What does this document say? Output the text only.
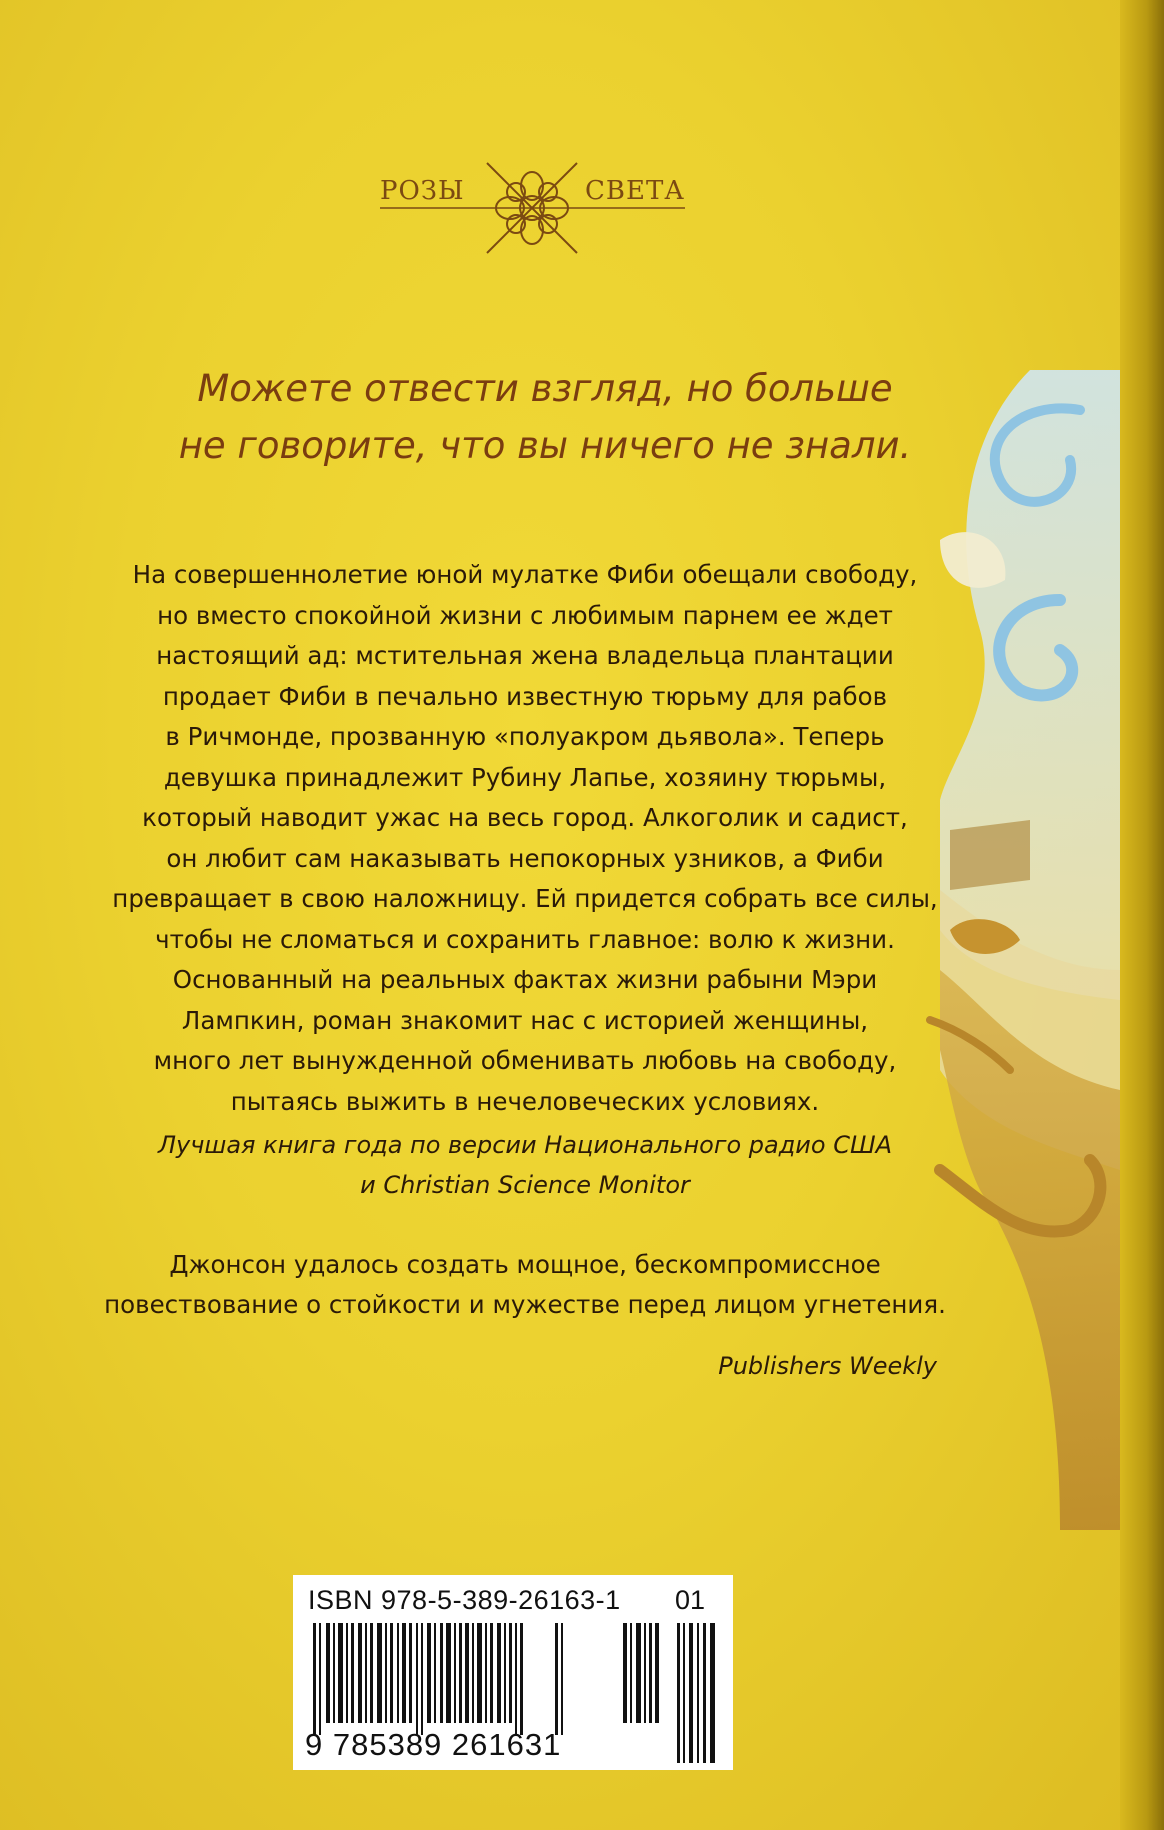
РОЗЫ	СВЕТА
Можете отвести взгляд, но больше
не говорите, что вы ничего не знали.
На совершеннолетие юной мулатке Фиби обещали свободу,
но вместо спокойной жизни с любимым парнем ее ждет
настоящий ад: мстительная жена владельца плантации
продает Фиби в печально известную тюрьму для рабов
в Ричмонде, прозванную «полуакром дьявола». Теперь
девушка принадлежит Рубину Лапье, хозяину тюрьмы,
который наводит ужас на весь город. Алкоголик и садист,
он любит сам наказывать непокорных узников, а Фиби
превращает в свою наложницу. Ей придется собрать все силы,
чтобы не сломаться и сохранить главное: волю к жизни.
Основанный на реальных фактах жизни рабыни Мэри
Лампкин, роман знакомит нас с историей женщины,
много лет вынужденной обменивать любовь на свободу,
пытаясь выжить в нечеловеческих условиях.
Лучшая книга года по версии Национального радио США
и Christian Science Monitor
Джонсон удалось создать мощное, бескомпромиссное
повествование о стойкости и мужестве перед лицом угнетения.
Publishers Weekly
ISBN 978-5-389-26163-1 01
9 785389 261631
